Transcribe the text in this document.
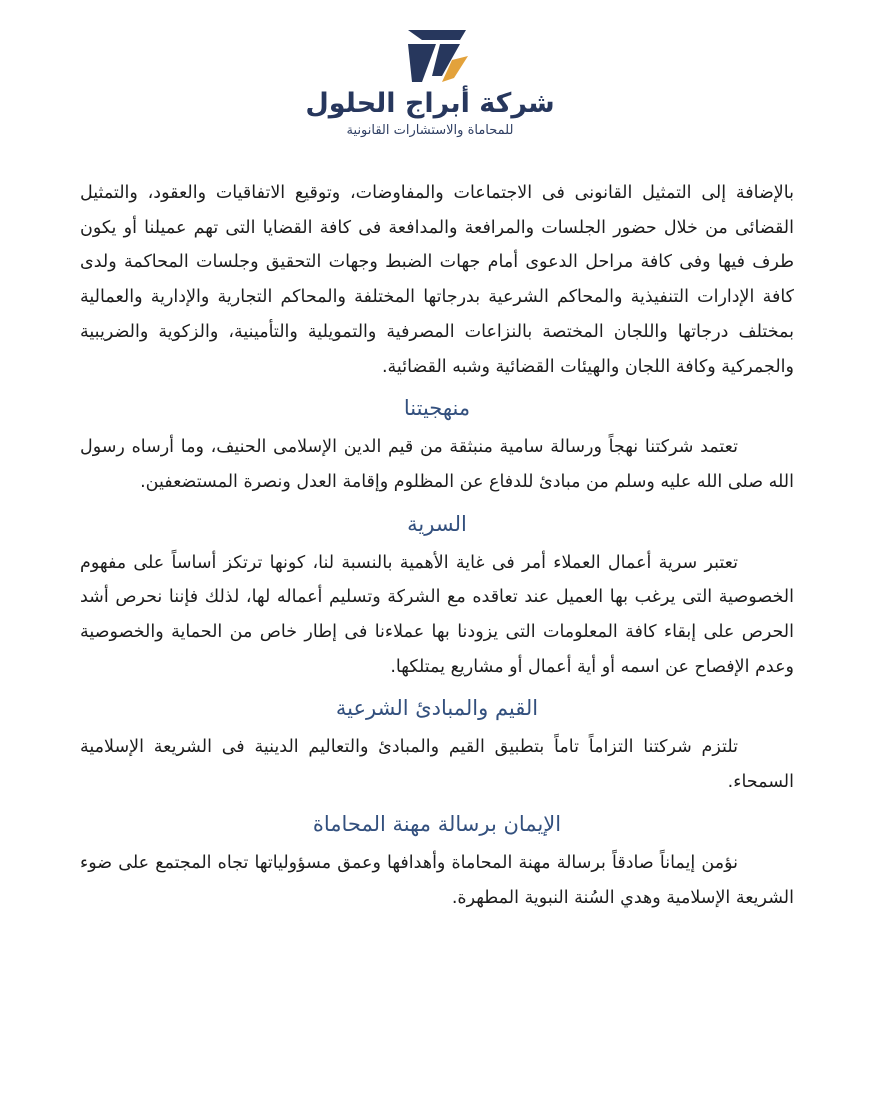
شركة أبراج الحلول
للمحاماة والاستشارات القانونية

بالإضافة إلى التمثيل القانونى فى الاجتماعات والمفاوضات، وتوقيع الاتفاقيات والعقود، والتمثيل القضائى من خلال حضور الجلسات والمرافعة والمدافعة فى كافة القضايا التى تهم عميلنا أو يكون طرف فيها وفى كافة مراحل الدعوى أمام جهات الضبط وجهات التحقيق وجلسات المحاكمة ولدى كافة الإدارات التنفيذية والمحاكم الشرعية بدرجاتها المختلفة والمحاكم التجارية والإدارية والعمالية بمختلف درجاتها واللجان المختصة بالنزاعات المصرفية والتمويلية والتأمينية، والزكوية والضريبية والجمركية وكافة اللجان والهيئات القضائية وشبه القضائية.

منهجيتنا

تعتمد شركتنا نهجاً ورسالة سامية منبثقة من قيم الدين الإسلامى الحنيف، وما أرساه رسول الله صلى الله عليه وسلم من مبادئ للدفاع عن المظلوم وإقامة العدل ونصرة المستضعفين.

السرية

تعتبر سرية أعمال العملاء أمر فى غاية الأهمية بالنسبة لنا، كونها ترتكز أساساً على مفهوم الخصوصية التى يرغب بها العميل عند تعاقده مع الشركة وتسليم أعماله لها، لذلك فإننا نحرص أشد الحرص على إبقاء كافة المعلومات التى يزودنا بها عملاءنا فى إطار خاص من الحماية والخصوصية وعدم الإفصاح عن اسمه أو أية أعمال أو مشاريع يمتلكها.

القيم والمبادئ الشرعية

تلتزم شركتنا التزاماً تاماً بتطبيق القيم والمبادئ والتعاليم الدينية فى الشريعة الإسلامية السمحاء.

الإيمان برسالة مهنة المحاماة

نؤمن إيماناً صادقاً برسالة مهنة المحاماة وأهدافها وعمق مسؤولياتها تجاه المجتمع على ضوء الشريعة الإسلامية وهدي السُنة النبوية المطهرة.
